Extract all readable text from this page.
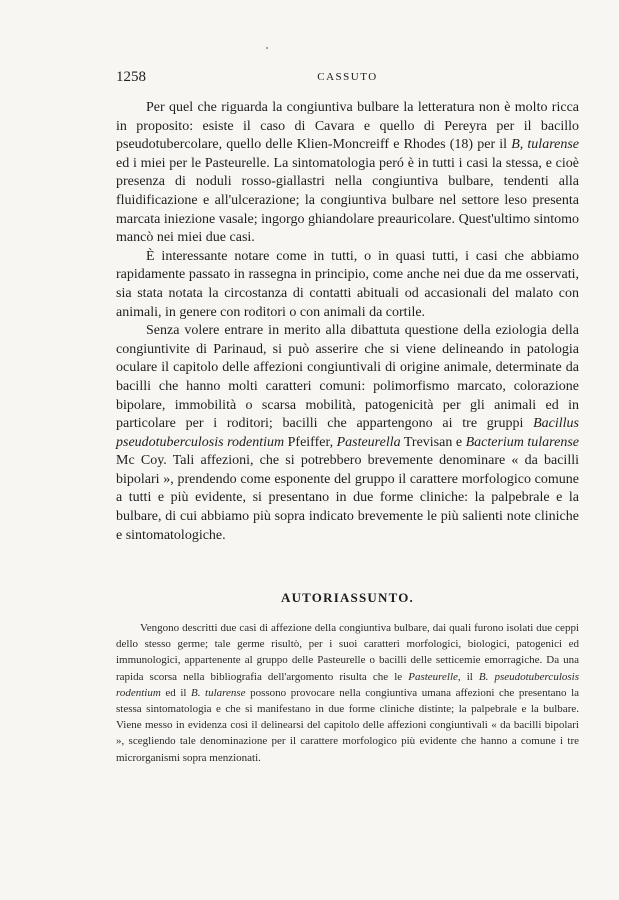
1258	CASSUTO

Per quel che riguarda la congiuntiva bulbare la letteratura non è molto ricca in proposito: esiste il caso di Cavara e quello di Pereyra per il bacillo pseudotubercolare, quello delle Klien-Moncreiff e Rhodes (18) per il B, tularense ed i miei per le Pasteurelle. La sintomatologia peró è in tutti i casi la stessa, e cioè presenza di noduli rosso-giallastri nella congiuntiva bulbare, tendenti alla fluidificazione e all'ulcerazione; la congiuntiva bulbare nel settore leso presenta marcata iniezione vasale; ingorgo ghiandolare preauricolare. Quest'ultimo sintomo mancò nei miei due casi.

È interessante notare come in tutti, o in quasi tutti, i casi che abbiamo rapidamente passato in rassegna in principio, come anche nei due da me osservati, sia stata notata la circostanza di contatti abituali od accasionali del malato con animali, in genere con roditori o con animali da cortile.

Senza volere entrare in merito alla dibattuta questione della eziologia della congiuntivite di Parinaud, si può asserire che si viene delineando in patologia oculare il capitolo delle affezioni congiuntivali di origine animale, determinate da bacilli che hanno molti caratteri comuni: polimorfismo marcato, colorazione bipolare, immobilità o scarsa mobilità, patogenicità per gli animali ed in particolare per i roditori; bacilli che appartengono ai tre gruppi Bacillus pseudotuberculosis rodentium Pfeiffer, Pasteurella Trevisan e Bacterium tularense Mc Coy. Tali affezioni, che si potrebbero brevemente denominare « da bacilli bipolari », prendendo come esponente del gruppo il carattere morfologico comune a tutti e più evidente, si presentano in due forme cliniche: la palpebrale e la bulbare, di cui abbiamo più sopra indicato brevemente le più salienti note cliniche e sintomatologiche.

AUTORIASSUNTO.

Vengono descritti due casi di affezione della congiuntiva bulbare, dai quali furono isolati due ceppi dello stesso germe; tale germe risultò, per i suoi caratteri morfologici, biologici, patogenici ed immunologici, appartenente al gruppo delle Pasteurelle o bacilli delle setticemie emorragiche. Da una rapida scorsa nella bibliografia dell'argomento risulta che le Pasteurelle, il B. pseudotuberculosis rodentium ed il B. tularense possono provocare nella congiuntiva umana affezioni che presentano la stessa sintomatologia e che si manifestano in due forme cliniche distinte; la palpebrale e la bulbare. Viene messo in evidenza così il delinearsi del capitolo delle affezioni congiuntivali « da bacilli bipolari », scegliendo tale denominazione per il carattere morfologico più evidente che hanno a comune i tre microrganismi sopra menzionati.
